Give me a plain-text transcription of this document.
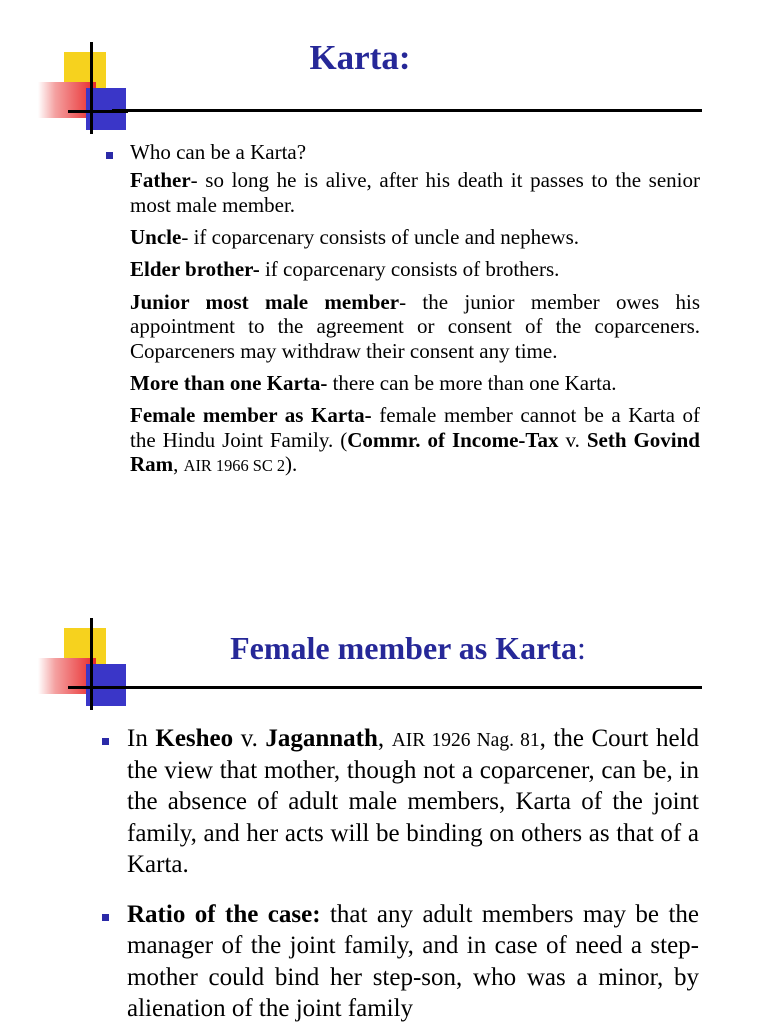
Karta:

Who can be a Karta?

Father- so long he is alive, after his death it passes to the senior most male member.

Uncle- if coparcenary consists of uncle and nephews.

Elder brother- if coparcenary consists of brothers.

Junior most male member- the junior member owes his appointment to the agreement or consent of the coparceners. Coparceners may withdraw their consent any time.

More than one Karta- there can be more than one Karta.

Female member as Karta- female member cannot be a Karta of the Hindu Joint Family. (Commr. of Income-Tax v. Seth Govind Ram, AIR 1966 SC 2).

Female member as Karta:

In Kesheo v. Jagannath, AIR 1926 Nag. 81, the Court held the view that mother, though not a coparcener, can be, in the absence of adult male members, Karta of the joint family, and her acts will be binding on others as that of a Karta.

Ratio of the case: that any adult members may be the manager of the joint family, and in case of need a step-mother could bind her step-son, who was a minor, by alienation of the joint family
